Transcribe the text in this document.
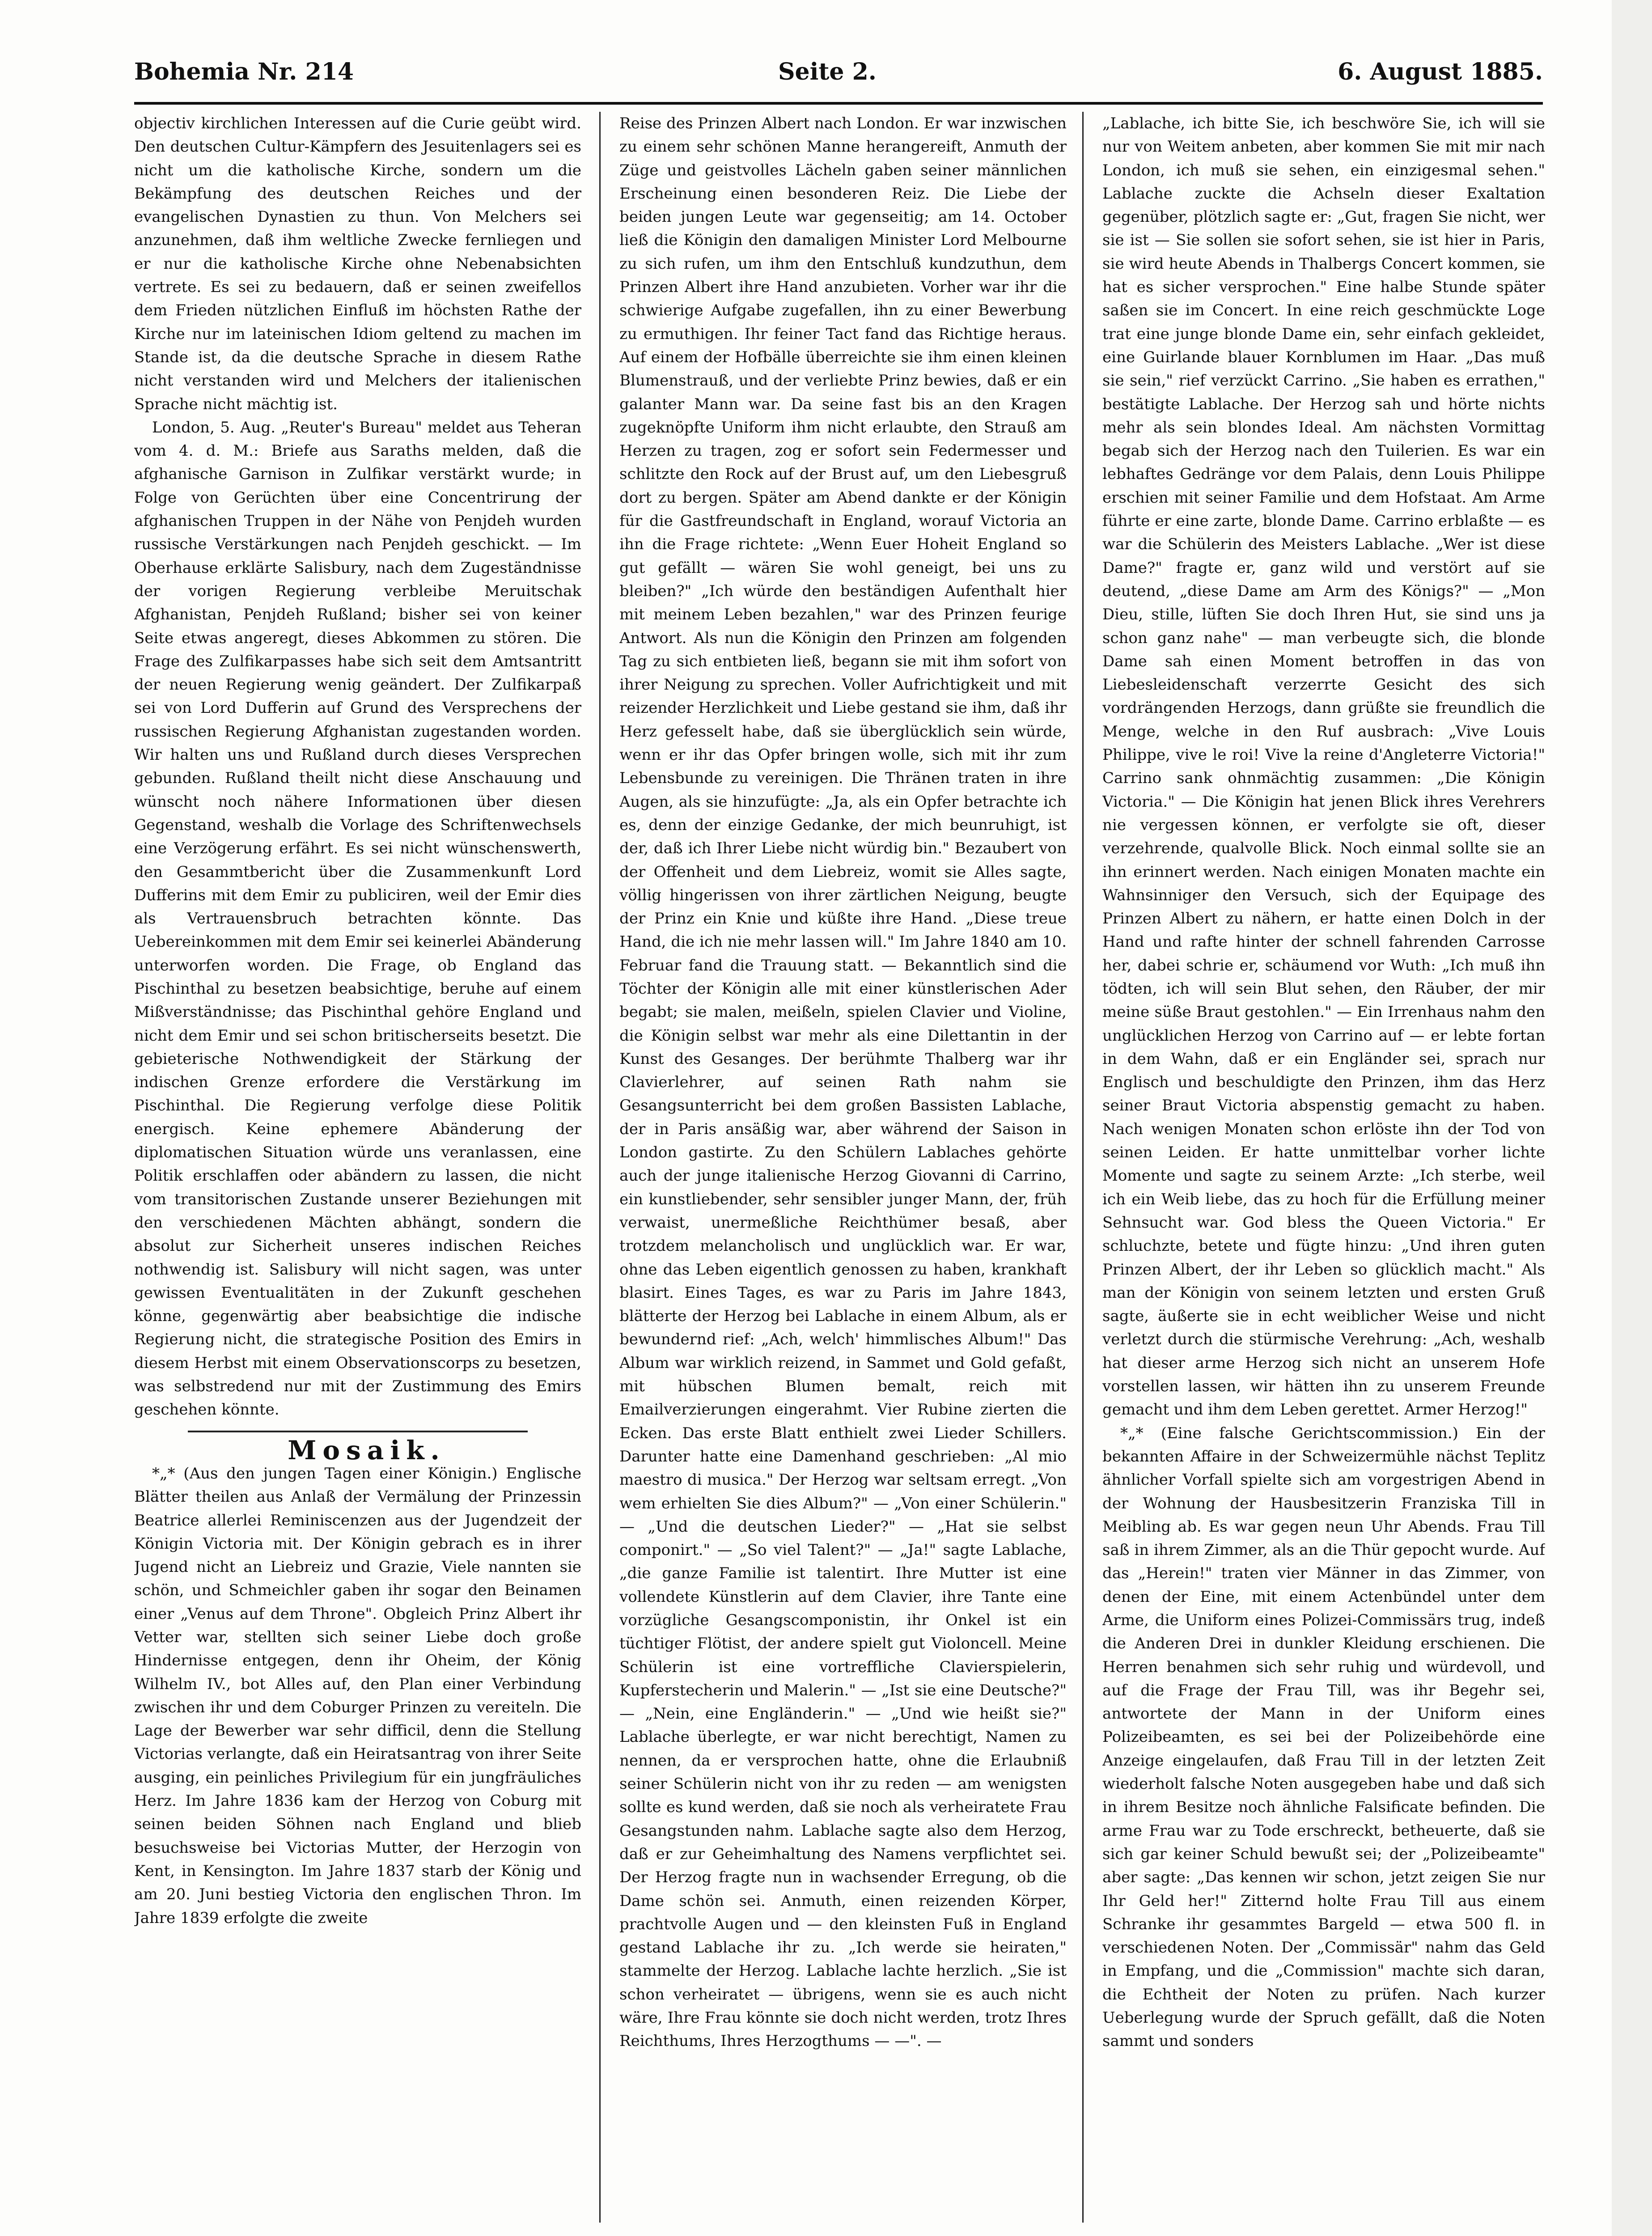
Bohemia Nr. 214	Seite 2.	6. August 1885.

objectiv kirchlichen Interessen auf die Curie geübt wird. Den deutschen Cultur-Kämpfern des Jesuitenlagers sei es nicht um die katholische Kirche, sondern um die Bekämpfung des deutschen Reiches und der evangelischen Dynastien zu thun. Von Melchers sei anzunehmen, daß ihm weltliche Zwecke fernliegen und er nur die katholische Kirche ohne Nebenabsichten vertrete. Es sei zu bedauern, daß er seinen zweifellos dem Frieden nützlichen Einfluß im höchsten Rathe der Kirche nur im lateinischen Idiom geltend zu machen im Stande ist, da die deutsche Sprache in diesem Rathe nicht verstanden wird und Melchers der italienischen Sprache nicht mächtig ist.

London, 5. Aug. „Reuter's Bureau" meldet aus Teheran vom 4. d. M.: Briefe aus Saraths melden, daß die afghanische Garnison in Zulfikar verstärkt wurde; in Folge von Gerüchten über eine Concentrirung der afghanischen Truppen in der Nähe von Penjdeh wurden russische Verstärkungen nach Penjdeh geschickt. — Im Oberhause erklärte Salisbury, nach dem Zugeständnisse der vorigen Regierung verbleibe Meruitschak Afghanistan, Penjdeh Rußland; bisher sei von keiner Seite etwas angeregt, dieses Abkommen zu stören. Die Frage des Zulfikarpasses habe sich seit dem Amtsantritt der neuen Regierung wenig geändert. Der Zulfikarpaß sei von Lord Dufferin auf Grund des Versprechens der russischen Regierung Afghanistan zugestanden worden. Wir halten uns und Rußland durch dieses Versprechen gebunden. Rußland theilt nicht diese Anschauung und wünscht noch nähere Informationen über diesen Gegenstand, weshalb die Vorlage des Schriftenwechsels eine Verzögerung erfährt. Es sei nicht wünschenswerth, den Gesammtbericht über die Zusammenkunft Lord Dufferins mit dem Emir zu publiciren, weil der Emir dies als Vertrauensbruch betrachten könnte. Das Uebereinkommen mit dem Emir sei keinerlei Abänderung unterworfen worden. Die Frage, ob England das Pischinthal zu besetzen beabsichtige, beruhe auf einem Mißverständnisse; das Pischinthal gehöre England und nicht dem Emir und sei schon britischerseits besetzt. Die gebieterische Nothwendigkeit der Stärkung der indischen Grenze erfordere die Verstärkung im Pischinthal. Die Regierung verfolge diese Politik energisch. Keine ephemere Abänderung der diplomatischen Situation würde uns veranlassen, eine Politik erschlaffen oder abändern zu lassen, die nicht vom transitorischen Zustande unserer Beziehungen mit den verschiedenen Mächten abhängt, sondern die absolut zur Sicherheit unseres indischen Reiches nothwendig ist. Salisbury will nicht sagen, was unter gewissen Eventualitäten in der Zukunft geschehen könne, gegenwärtig aber beabsichtige die indische Regierung nicht, die strategische Position des Emirs in diesem Herbst mit einem Observationscorps zu besetzen, was selbstredend nur mit der Zustimmung des Emirs geschehen könnte.

Mosaik.

*„* (Aus den jungen Tagen einer Königin.) Englische Blätter theilen aus Anlaß der Vermälung der Prinzessin Beatrice allerlei Reminiscenzen aus der Jugendzeit der Königin Victoria mit. Der Königin gebrach es in ihrer Jugend nicht an Liebreiz und Grazie, Viele nannten sie schön, und Schmeichler gaben ihr sogar den Beinamen einer „Venus auf dem Throne". Obgleich Prinz Albert ihr Vetter war, stellten sich seiner Liebe doch große Hindernisse entgegen, denn ihr Oheim, der König Wilhelm IV., bot Alles auf, den Plan einer Verbindung zwischen ihr und dem Coburger Prinzen zu vereiteln. Die Lage der Bewerber war sehr difficil, denn die Stellung Victorias verlangte, daß ein Heiratsantrag von ihrer Seite ausging, ein peinliches Privilegium für ein jungfräuliches Herz. Im Jahre 1836 kam der Herzog von Coburg mit seinen beiden Söhnen nach England und blieb besuchsweise bei Victorias Mutter, der Herzogin von Kent, in Kensington. Im Jahre 1837 starb der König und am 20. Juni bestieg Victoria den englischen Thron. Im Jahre 1839 erfolgte die zweite

Reise des Prinzen Albert nach London. Er war inzwischen zu einem sehr schönen Manne herangereift, Anmuth der Züge und geistvolles Lächeln gaben seiner männlichen Erscheinung einen besonderen Reiz. Die Liebe der beiden jungen Leute war gegenseitig; am 14. October ließ die Königin den damaligen Minister Lord Melbourne zu sich rufen, um ihm den Entschluß kundzuthun, dem Prinzen Albert ihre Hand anzubieten. Vorher war ihr die schwierige Aufgabe zugefallen, ihn zu einer Bewerbung zu ermuthigen. Ihr feiner Tact fand das Richtige heraus. Auf einem der Hofbälle überreichte sie ihm einen kleinen Blumenstrauß, und der verliebte Prinz bewies, daß er ein galanter Mann war. Da seine fast bis an den Kragen zugeknöpfte Uniform ihm nicht erlaubte, den Strauß am Herzen zu tragen, zog er sofort sein Federmesser und schlitzte den Rock auf der Brust auf, um den Liebesgruß dort zu bergen. Später am Abend dankte er der Königin für die Gastfreundschaft in England, worauf Victoria an ihn die Frage richtete: „Wenn Euer Hoheit England so gut gefällt — wären Sie wohl geneigt, bei uns zu bleiben?" „Ich würde den beständigen Aufenthalt hier mit meinem Leben bezahlen," war des Prinzen feurige Antwort. Als nun die Königin den Prinzen am folgenden Tag zu sich entbieten ließ, begann sie mit ihm sofort von ihrer Neigung zu sprechen. Voller Aufrichtigkeit und mit reizender Herzlichkeit und Liebe gestand sie ihm, daß ihr Herz gefesselt habe, daß sie überglücklich sein würde, wenn er ihr das Opfer bringen wolle, sich mit ihr zum Lebensbunde zu vereinigen. Die Thränen traten in ihre Augen, als sie hinzufügte: „Ja, als ein Opfer betrachte ich es, denn der einzige Gedanke, der mich beunruhigt, ist der, daß ich Ihrer Liebe nicht würdig bin." Bezaubert von der Offenheit und dem Liebreiz, womit sie Alles sagte, völlig hingerissen von ihrer zärtlichen Neigung, beugte der Prinz ein Knie und küßte ihre Hand. „Diese treue Hand, die ich nie mehr lassen will." Im Jahre 1840 am 10. Februar fand die Trauung statt. — Bekanntlich sind die Töchter der Königin alle mit einer künstlerischen Ader begabt; sie malen, meißeln, spielen Clavier und Violine, die Königin selbst war mehr als eine Dilettantin in der Kunst des Gesanges. Der berühmte Thalberg war ihr Clavierlehrer, auf seinen Rath nahm sie Gesangsunterricht bei dem großen Bassisten Lablache, der in Paris ansäßig war, aber während der Saison in London gastirte. Zu den Schülern Lablaches gehörte auch der junge italienische Herzog Giovanni di Carrino, ein kunstliebender, sehr sensibler junger Mann, der, früh verwaist, unermeßliche Reichthümer besaß, aber trotzdem melancholisch und unglücklich war. Er war, ohne das Leben eigentlich genossen zu haben, krankhaft blasirt. Eines Tages, es war zu Paris im Jahre 1843, blätterte der Herzog bei Lablache in einem Album, als er bewundernd rief: „Ach, welch' himmlisches Album!" Das Album war wirklich reizend, in Sammet und Gold gefaßt, mit hübschen Blumen bemalt, reich mit Emailverzierungen eingerahmt. Vier Rubine zierten die Ecken. Das erste Blatt enthielt zwei Lieder Schillers. Darunter hatte eine Damenhand geschrieben: „Al mio maestro di musica." Der Herzog war seltsam erregt. „Von wem erhielten Sie dies Album?" — „Von einer Schülerin." — „Und die deutschen Lieder?" — „Hat sie selbst componirt." — „So viel Talent?" — „Ja!" sagte Lablache, „die ganze Familie ist talentirt. Ihre Mutter ist eine vollendete Künstlerin auf dem Clavier, ihre Tante eine vorzügliche Gesangscomponistin, ihr Onkel ist ein tüchtiger Flötist, der andere spielt gut Violoncell. Meine Schülerin ist eine vortreffliche Clavierspielerin, Kupferstecherin und Malerin." — „Ist sie eine Deutsche?" — „Nein, eine Engländerin." — „Und wie heißt sie?" Lablache überlegte, er war nicht berechtigt, Namen zu nennen, da er versprochen hatte, ohne die Erlaubniß seiner Schülerin nicht von ihr zu reden — am wenigsten sollte es kund werden, daß sie noch als verheiratete Frau Gesangstunden nahm. Lablache sagte also dem Herzog, daß er zur Geheimhaltung des Namens verpflichtet sei. Der Herzog fragte nun in wachsender Erregung, ob die Dame schön sei. Anmuth, einen reizenden Körper, prachtvolle Augen und — den kleinsten Fuß in England gestand Lablache ihr zu. „Ich werde sie heiraten," stammelte der Herzog. Lablache lachte herzlich. „Sie ist schon verheiratet — übrigens, wenn sie es auch nicht wäre, Ihre Frau könnte sie doch nicht werden, trotz Ihres Reichthums, Ihres Herzogthums — —". —

„Lablache, ich bitte Sie, ich beschwöre Sie, ich will sie nur von Weitem anbeten, aber kommen Sie mit mir nach London, ich muß sie sehen, ein einzigesmal sehen." Lablache zuckte die Achseln dieser Exaltation gegenüber, plötzlich sagte er: „Gut, fragen Sie nicht, wer sie ist — Sie sollen sie sofort sehen, sie ist hier in Paris, sie wird heute Abends in Thalbergs Concert kommen, sie hat es sicher versprochen." Eine halbe Stunde später saßen sie im Concert. In eine reich geschmückte Loge trat eine junge blonde Dame ein, sehr einfach gekleidet, eine Guirlande blauer Kornblumen im Haar. „Das muß sie sein," rief verzückt Carrino. „Sie haben es errathen," bestätigte Lablache. Der Herzog sah und hörte nichts mehr als sein blondes Ideal. Am nächsten Vormittag begab sich der Herzog nach den Tuilerien. Es war ein lebhaftes Gedränge vor dem Palais, denn Louis Philippe erschien mit seiner Familie und dem Hofstaat. Am Arme führte er eine zarte, blonde Dame. Carrino erblaßte — es war die Schülerin des Meisters Lablache. „Wer ist diese Dame?" fragte er, ganz wild und verstört auf sie deutend, „diese Dame am Arm des Königs?" — „Mon Dieu, stille, lüften Sie doch Ihren Hut, sie sind uns ja schon ganz nahe" — man verbeugte sich, die blonde Dame sah einen Moment betroffen in das von Liebesleidenschaft verzerrte Gesicht des sich vordrängenden Herzogs, dann grüßte sie freundlich die Menge, welche in den Ruf ausbrach: „Vive Louis Philippe, vive le roi! Vive la reine d'Angleterre Victoria!" Carrino sank ohnmächtig zusammen: „Die Königin Victoria." — Die Königin hat jenen Blick ihres Verehrers nie vergessen können, er verfolgte sie oft, dieser verzehrende, qualvolle Blick. Noch einmal sollte sie an ihn erinnert werden. Nach einigen Monaten machte ein Wahnsinniger den Versuch, sich der Equipage des Prinzen Albert zu nähern, er hatte einen Dolch in der Hand und rafte hinter der schnell fahrenden Carrosse her, dabei schrie er, schäumend vor Wuth: „Ich muß ihn tödten, ich will sein Blut sehen, den Räuber, der mir meine süße Braut gestohlen." — Ein Irrenhaus nahm den unglücklichen Herzog von Carrino auf — er lebte fortan in dem Wahn, daß er ein Engländer sei, sprach nur Englisch und beschuldigte den Prinzen, ihm das Herz seiner Braut Victoria abspenstig gemacht zu haben. Nach wenigen Monaten schon erlöste ihn der Tod von seinen Leiden. Er hatte unmittelbar vorher lichte Momente und sagte zu seinem Arzte: „Ich sterbe, weil ich ein Weib liebe, das zu hoch für die Erfüllung meiner Sehnsucht war. God bless the Queen Victoria." Er schluchzte, betete und fügte hinzu: „Und ihren guten Prinzen Albert, der ihr Leben so glücklich macht." Als man der Königin von seinem letzten und ersten Gruß sagte, äußerte sie in echt weiblicher Weise und nicht verletzt durch die stürmische Verehrung: „Ach, weshalb hat dieser arme Herzog sich nicht an unserem Hofe vorstellen lassen, wir hätten ihn zu unserem Freunde gemacht und ihm dem Leben gerettet. Armer Herzog!"

*„* (Eine falsche Gerichtscommission.) Ein der bekannten Affaire in der Schweizermühle nächst Teplitz ähnlicher Vorfall spielte sich am vorgestrigen Abend in der Wohnung der Hausbesitzerin Franziska Till in Meibling ab. Es war gegen neun Uhr Abends. Frau Till saß in ihrem Zimmer, als an die Thür gepocht wurde. Auf das „Herein!" traten vier Männer in das Zimmer, von denen der Eine, mit einem Actenbündel unter dem Arme, die Uniform eines Polizei-Commissärs trug, indeß die Anderen Drei in dunkler Kleidung erschienen. Die Herren benahmen sich sehr ruhig und würdevoll, und auf die Frage der Frau Till, was ihr Begehr sei, antwortete der Mann in der Uniform eines Polizeibeamten, es sei bei der Polizeibehörde eine Anzeige eingelaufen, daß Frau Till in der letzten Zeit wiederholt falsche Noten ausgegeben habe und daß sich in ihrem Besitze noch ähnliche Falsificate befinden. Die arme Frau war zu Tode erschreckt, betheuerte, daß sie sich gar keiner Schuld bewußt sei; der „Polizeibeamte" aber sagte: „Das kennen wir schon, jetzt zeigen Sie nur Ihr Geld her!" Zitternd holte Frau Till aus einem Schranke ihr gesammtes Bargeld — etwa 500 fl. in verschiedenen Noten. Der „Commissär" nahm das Geld in Empfang, und die „Commission" machte sich daran, die Echtheit der Noten zu prüfen. Nach kurzer Ueberlegung wurde der Spruch gefällt, daß die Noten sammt und sonders
